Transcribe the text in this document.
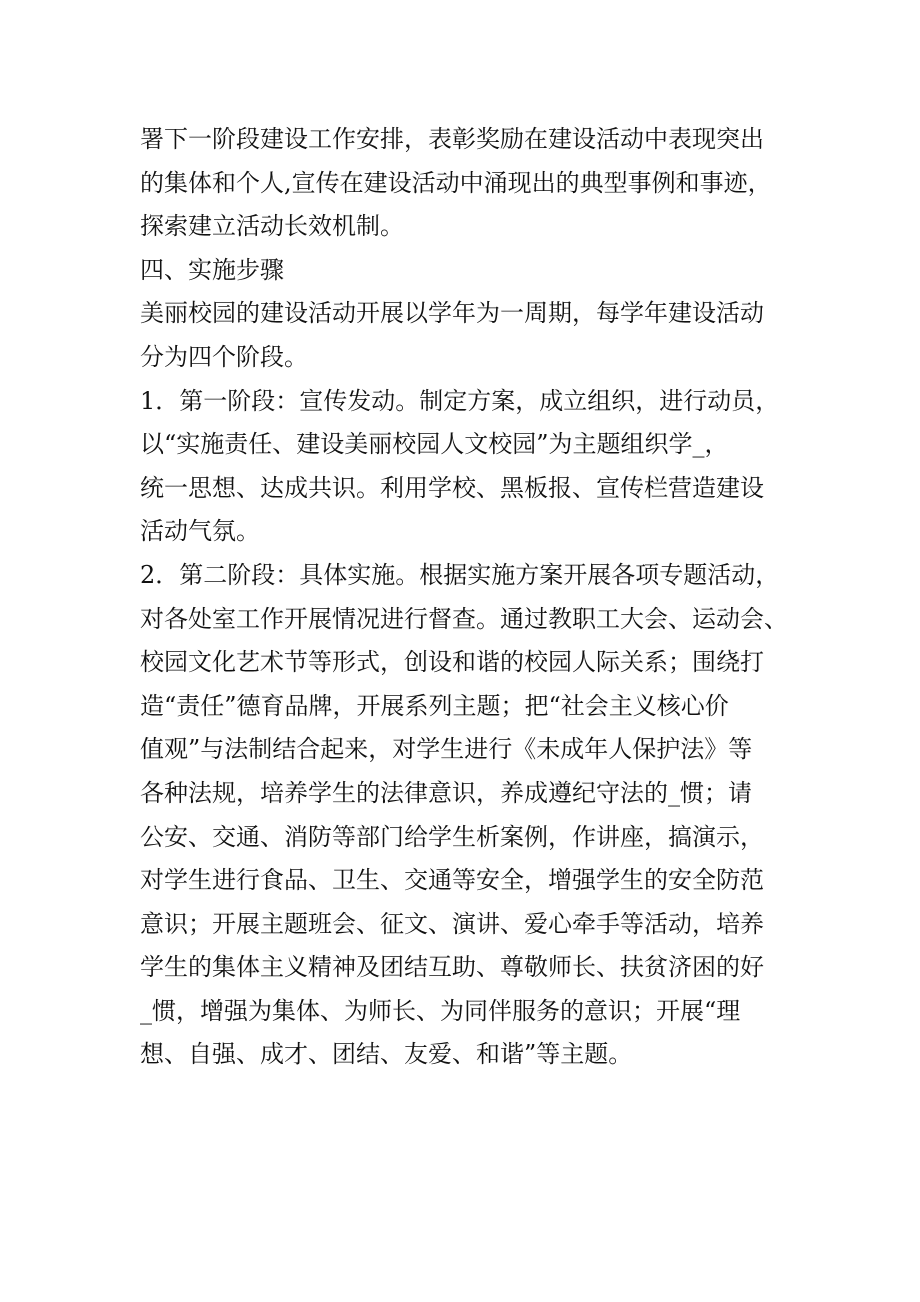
署下一阶段建设工作安排，表彰奖励在建设活动中表现突出
的集体和个人,宣传在建设活动中涌现出的典型事例和事迹，
探索建立活动长效机制。
四、实施步骤
美丽校园的建设活动开展以学年为一周期，每学年建设活动
分为四个阶段。
1．第一阶段：宣传发动。制定方案，成立组织，进行动员，
以“实施责任、建设美丽校园人文校园”为主题组织学_，
统一思想、达成共识。利用学校、黑板报、宣传栏营造建设
活动气氛。
2．第二阶段：具体实施。根据实施方案开展各项专题活动，
对各处室工作开展情况进行督查。通过教职工大会、运动会、
校园文化艺术节等形式，创设和谐的校园人际关系；围绕打
造“责任”德育品牌，开展系列主题；把“社会主义核心价
值观”与法制结合起来，对学生进行《未成年人保护法》等
各种法规，培养学生的法律意识，养成遵纪守法的_惯；请
公安、交通、消防等部门给学生析案例，作讲座，搞演示，
对学生进行食品、卫生、交通等安全，增强学生的安全防范
意识；开展主题班会、征文、演讲、爱心牵手等活动，培养
学生的集体主义精神及团结互助、尊敬师长、扶贫济困的好
_惯，增强为集体、为师长、为同伴服务的意识；开展“理
想、自强、成才、团结、友爱、和谐”等主题。
